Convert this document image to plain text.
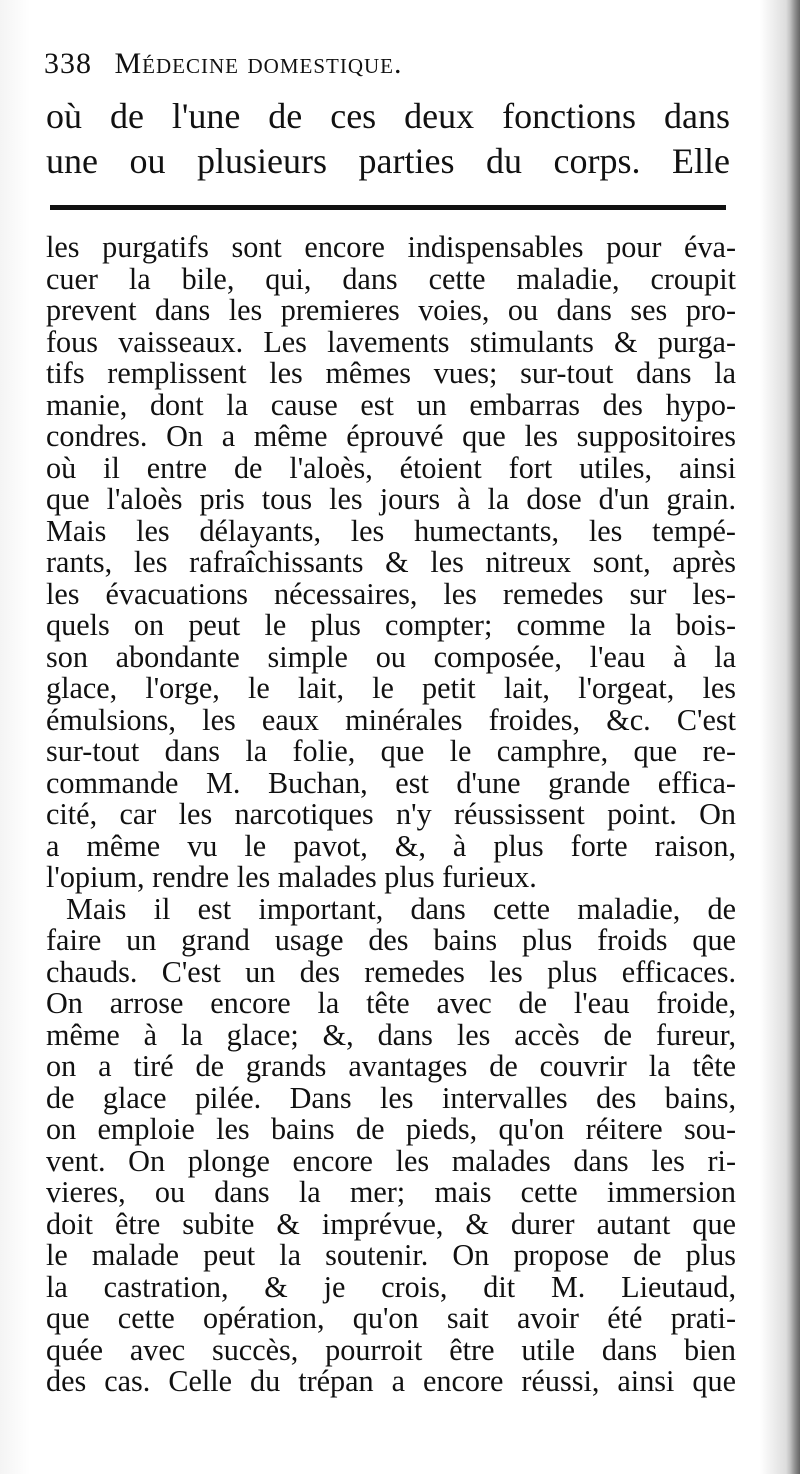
338 Médecine domestique.
où de l'une de ces deux fonctions dans
une ou plusieurs parties du corps. Elle
les purgatifs sont encore indispensables pour éva-
cuer la bile, qui, dans cette maladie, croupit
prevent dans les premieres voies, ou dans ses pro-
fous vaisseaux. Les lavements stimulants & purga-
tifs remplissent les mêmes vues; sur-tout dans la
manie, dont la cause est un embarras des hypo-
condres. On a même éprouvé que les suppositoires
où il entre de l'aloès, étoient fort utiles, ainsi
que l'aloès pris tous les jours à la dose d'un grain.
Mais les délayants, les humectants, les tempé-
rants, les rafraîchissants & les nitreux sont, après
les évacuations nécessaires, les remedes sur les-
quels on peut le plus compter; comme la bois-
son abondante simple ou composée, l'eau à la
glace, l'orge, le lait, le petit lait, l'orgeat, les
émulsions, les eaux minérales froides, &c. C'est
sur-tout dans la folie, que le camphre, que re-
commande M. Buchan, est d'une grande effica-
cité, car les narcotiques n'y réussissent point. On
a même vu le pavot, &, à plus forte raison,
l'opium, rendre les malades plus furieux.
Mais il est important, dans cette maladie, de
faire un grand usage des bains plus froids que
chauds. C'est un des remedes les plus efficaces.
On arrose encore la tête avec de l'eau froide,
même à la glace; &, dans les accès de fureur,
on a tiré de grands avantages de couvrir la tête
de glace pilée. Dans les intervalles des bains,
on emploie les bains de pieds, qu'on réitere sou-
vent. On plonge encore les malades dans les ri-
vieres, ou dans la mer; mais cette immersion
doit être subite & imprévue, & durer autant que
le malade peut la soutenir. On propose de plus
la castration, & je crois, dit M. Lieutaud,
que cette opération, qu'on sait avoir été prati-
quée avec succès, pourroit être utile dans bien
des cas. Celle du trépan a encore réussi, ainsi que
